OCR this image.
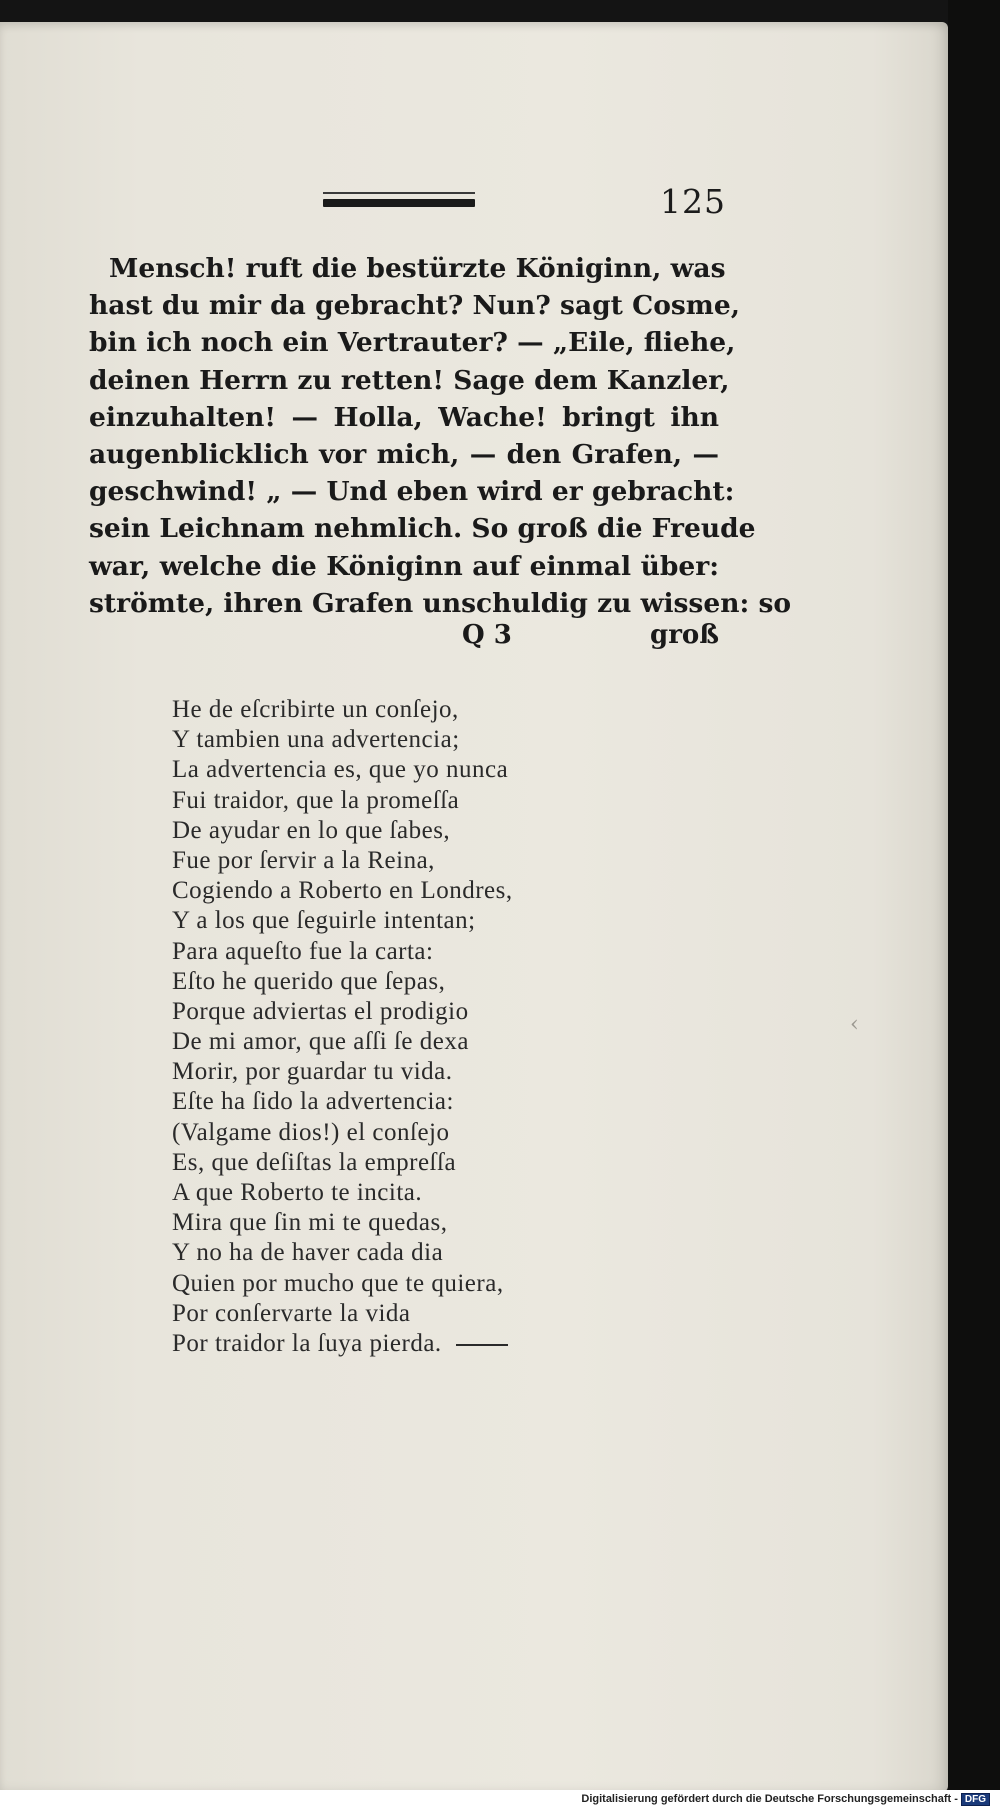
125
Mensch! ruft die bestürzte Königinn, was
hast du mir da gebracht? Nun? sagt Cosme,
bin ich noch ein Vertrauter? — „Eile, fliehe,
deinen Herrn zu retten! Sage dem Kanzler,
einzuhalten! — Holla, Wache! bringt ihn
augenblicklich vor mich, — den Grafen, —
geschwind! „ — Und eben wird er gebracht:
sein Leichnam nehmlich. So groß die Freude
war, welche die Königinn auf einmal über:
strömte, ihren Grafen unschuldig zu wissen: so
Q 3	groß
He de eſcribirte un conſejo,
Y tambien una advertencia;
La advertencia es, que yo nunca
Fui traidor, que la promeſſa
De ayudar en lo que ſabes,
Fue por ſervir a la Reina,
Cogiendo a Roberto en Londres,
Y a los que ſeguirle intentan;
Para aqueſto fue la carta:
Eſto he querido que ſepas,
Porque adviertas el prodigio
De mi amor, que aſſi ſe dexa
Morir, por guardar tu vida.
Eſte ha ſido la advertencia:
(Valgame dios!) el conſejo
Es, que deſiſtas la empreſſa
A que Roberto te incita.
Mira que ſin mi te quedas,
Y no ha de haver cada dia
Quien por mucho que te quiera,
Por conſervarte la vida
Por traidor la ſuya pierda.
‹
Digitalisierung gefördert durch die Deutsche Forschungsgemeinschaft - DFG
